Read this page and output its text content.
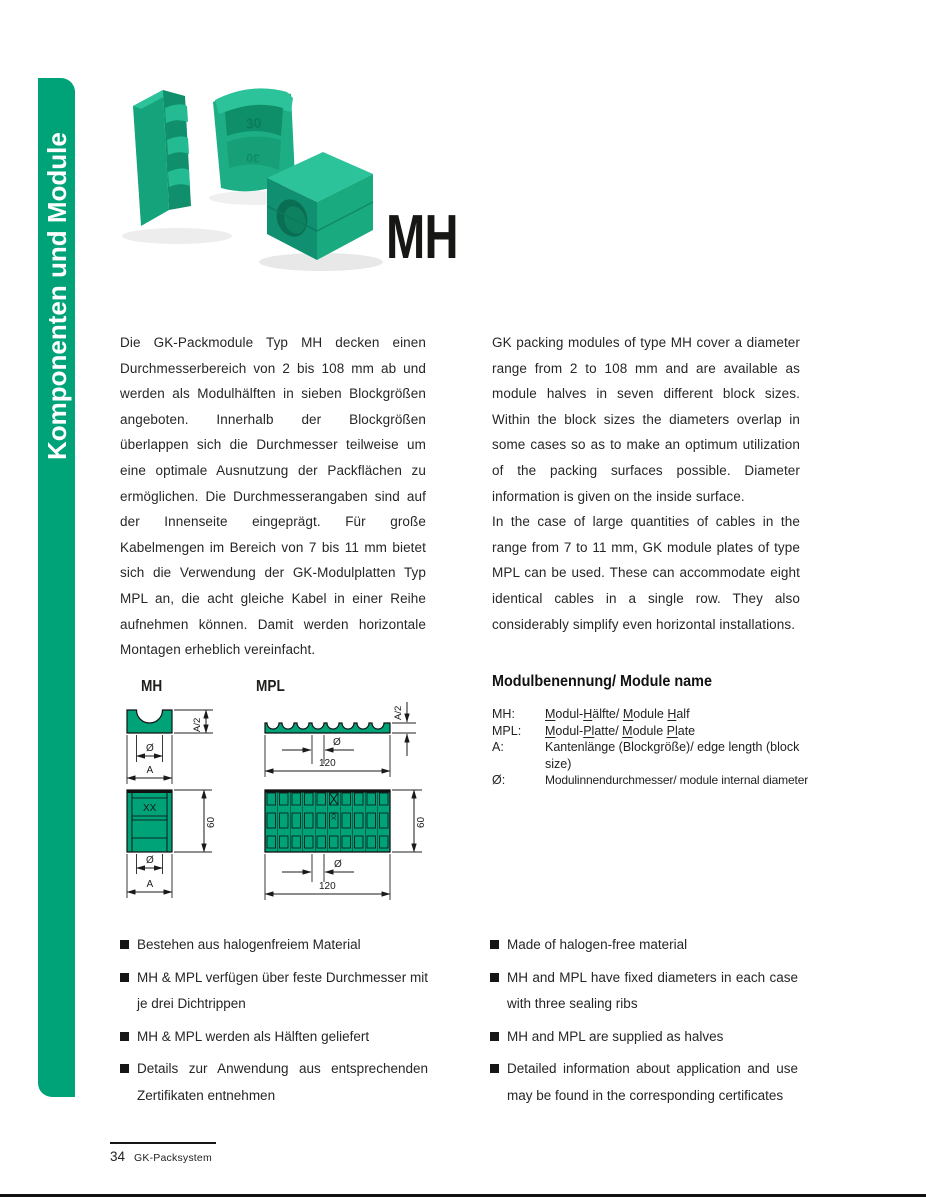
Komponenten und Module
30
30
MH

Die GK-Packmodule Typ MH decken einen Durchmesserbereich von 2 bis 108 mm ab und werden als Modulhälften in sieben Blockgrößen angeboten. Innerhalb der Blockgrößen überlappen sich die Durchmesser teilweise um eine optimale Ausnutzung der Packflächen zu ermöglichen. Die Durchmesserangaben sind auf der Innenseite eingeprägt. Für große Kabelmengen im Bereich von 7 bis 11 mm bietet sich die Verwendung der GK-Modulplatten Typ MPL an, die acht gleiche Kabel in einer Reihe aufnehmen können. Damit werden horizontale Montagen erheblich vereinfacht.

GK packing modules of type MH cover a diameter range from 2 to 108 mm and are available as module halves in seven different block sizes. Within the block sizes the diameters overlap in some cases so as to make an optimum utilization of the packing surfaces possible. Diameter information is given on the inside surface.

In the case of large quantities of cables in the range from 7 to 11 mm, GK module plates of type MPL can be used. These can accommodate eight identical cables in a single row. They also considerably simplify even horizontal installations.

MH	MPL
Ø
A
A/2
XX
60
Ø
A
A/2
Ø
120
XX
60
Ø
120
Modulbenennung/ Module name
MH:	Modul-Hälfte/ Module Half
MPL:	Modul-Platte/ Module Plate
A:	Kantenlänge (Blockgröße)/ edge length (block size)
Ø:	Modulinnendurchmesser/ module internal diameter
Bestehen aus halogenfreiem Material
MH & MPL verfügen über feste Durchmesser mit je drei Dichtrippen
MH & MPL werden als Hälften geliefert
Details zur Anwendung aus entsprechenden Zertifikaten entnehmen
Made of halogen-free material
MH and MPL have fixed diameters in each case with three sealing ribs
MH and MPL are supplied as halves
Detailed information about application and use may be found in the corresponding certificates
34 GK-Packsystem
